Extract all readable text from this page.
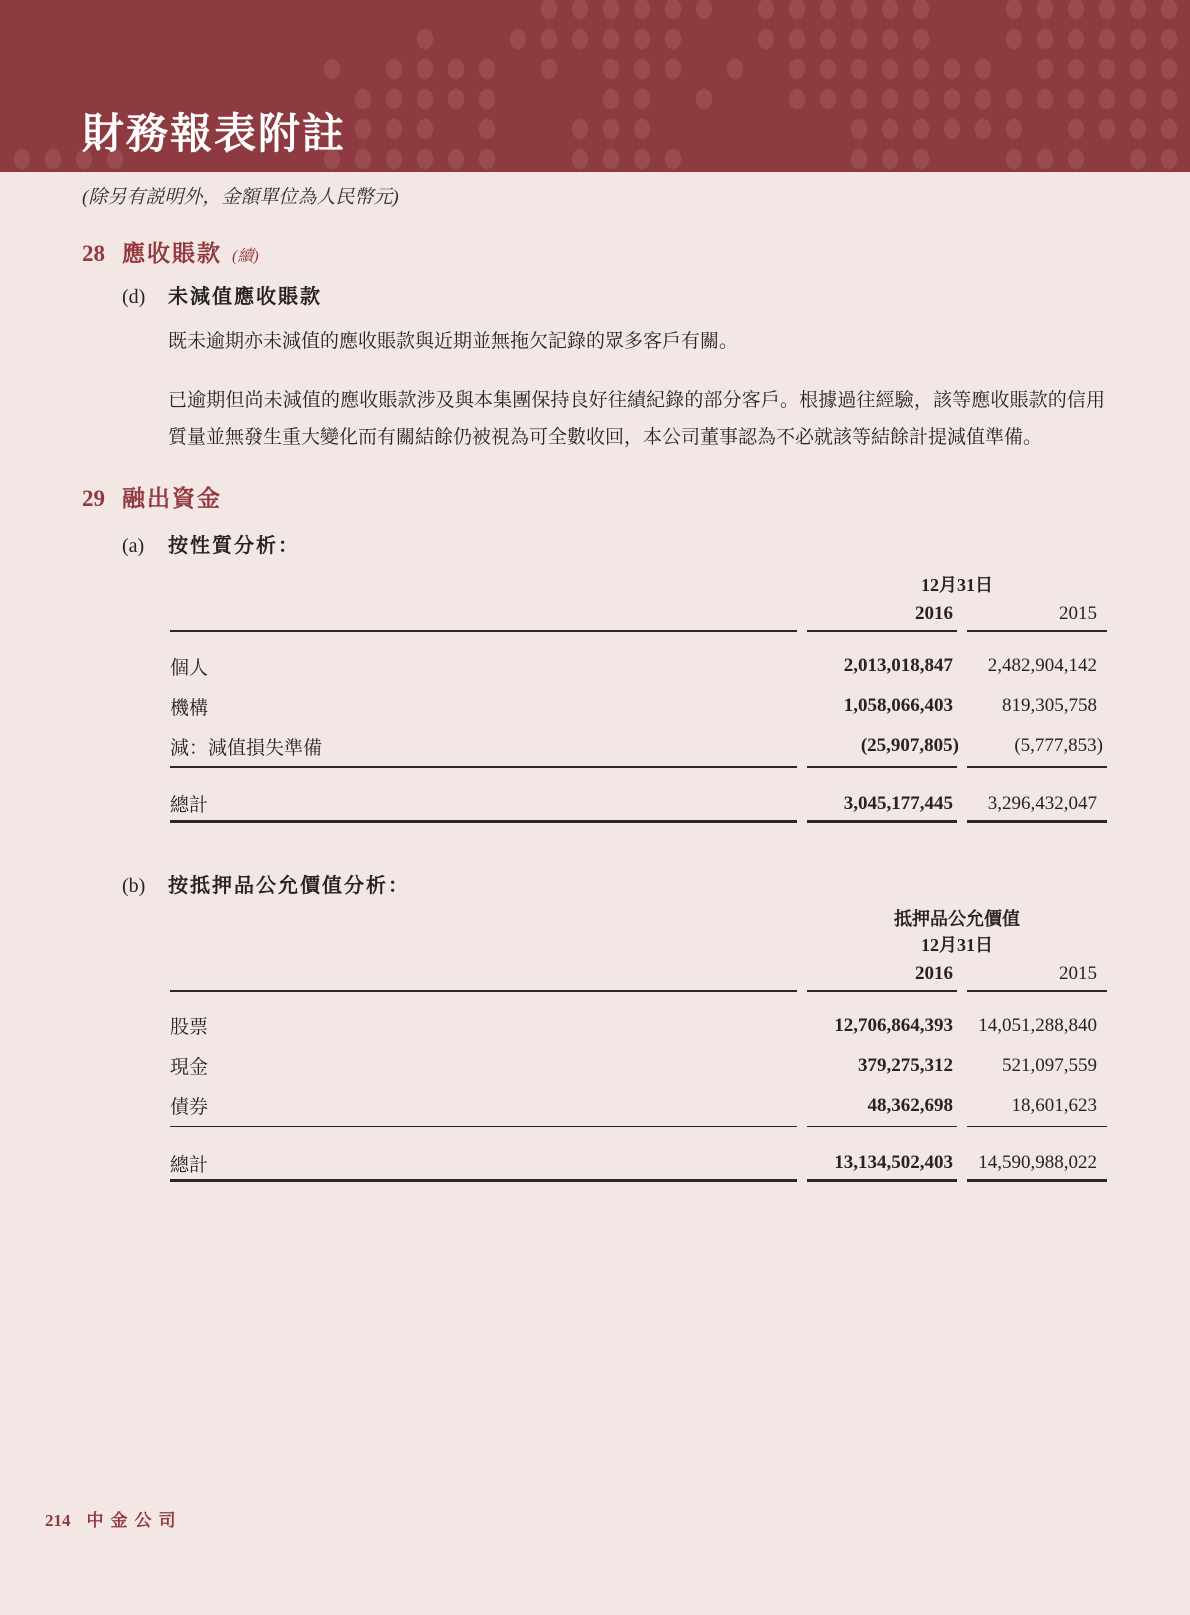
財務報表附註
(除另有説明外，金額單位為人民幣元)
28 應收賬款 (續)
(d)	未減值應收賬款

既未逾期亦未減值的應收賬款與近期並無拖欠記錄的眾多客戶有關。

已逾期但尚未減值的應收賬款涉及與本集團保持良好往績紀錄的部分客戶。根據過往經驗，該等應收賬款的信用質量並無發生重大變化而有關結餘仍被視為可全數收回，本公司董事認為不必就該等結餘計提減值準備。

29 融出資金
(a)	按性質分析：
12月31日
2016	2015
個人	2,013,018,847	2,482,904,142
機構	1,058,066,403	819,305,758
減：減值損失準備	(25,907,805)	(5,777,853)
總計	3,045,177,445	3,296,432,047
(b)	按抵押品公允價值分析：
抵押品公允價值
12月31日
2016	2015
股票	12,706,864,393	14,051,288,840
現金	379,275,312	521,097,559
債券	48,362,698	18,601,623
總計	13,134,502,403	14,590,988,022
214 中金公司
